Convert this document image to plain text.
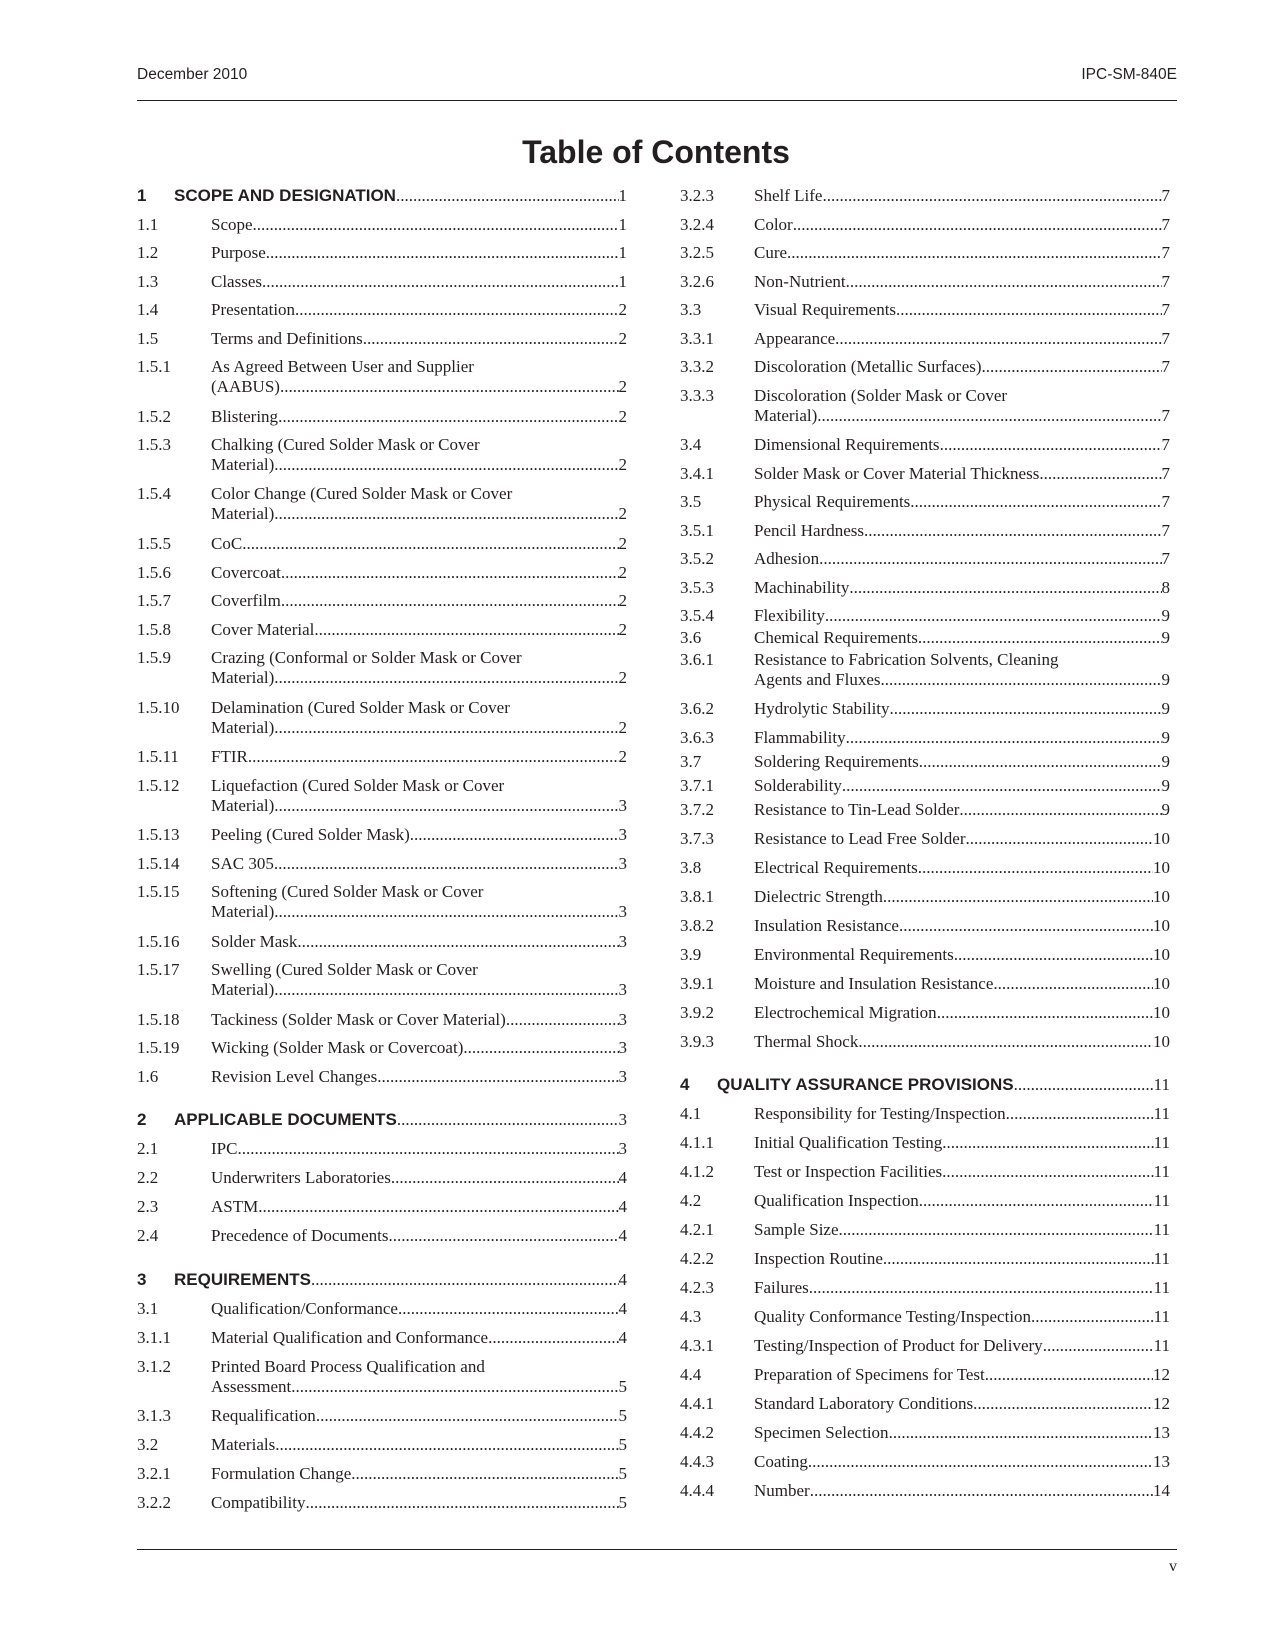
December 2010	IPC-SM-840E
Table of Contents
1 SCOPE AND DESIGNATION .....	1
1.1	Scope .....	1
1.2	Purpose .....	1
1.3	Classes .....	1
1.4	Presentation .....	2
1.5	Terms and Definitions .....	2
1.5.1 As Agreed Between User and Supplier
(AABUS) .....	2
1.5.2 Blistering .....	2
1.5.3 Chalking (Cured Solder Mask or Cover
Material) .....	2
1.5.4 Color Change (Cured Solder Mask or Cover
Material) .....	2
1.5.5 CoC .....	2
1.5.6 Covercoat .....	2
1.5.7 Coverfilm .....	2
1.5.8 Cover Material .....	2
1.5.9 Crazing (Conformal or Solder Mask or Cover
Material) .....	2
1.5.10 Delamination (Cured Solder Mask or Cover
Material) .....	2
1.5.11 FTIR .....	2
1.5.12 Liquefaction (Cured Solder Mask or Cover
Material) .....	3
1.5.13 Peeling (Cured Solder Mask) .....	3
1.5.14 SAC 305 .....	3
1.5.15 Softening (Cured Solder Mask or Cover
Material) .....	3
1.5.16 Solder Mask .....	3
1.5.17 Swelling (Cured Solder Mask or Cover
Material) .....	3
1.5.18 Tackiness (Solder Mask or Cover Material) .....	3
1.5.19 Wicking (Solder Mask or Covercoat) .....	3
1.6	Revision Level Changes .....	3
2 APPLICABLE DOCUMENTS .....	3
2.1	IPC .....	3
2.2	Underwriters Laboratories .....	4
2.3	ASTM .....	4
2.4	Precedence of Documents .....	4
3 REQUIREMENTS .....	4
3.1	Qualification/Conformance .....	4
3.1.1 Material Qualification and Conformance .....	4
3.1.2 Printed Board Process Qualification and
Assessment .....	5
3.1.3 Requalification .....	5
3.2	Materials .....	5
3.2.1 Formulation Change .....	5
3.2.2 Compatibility .....	5
3.2.3 Shelf Life .....	7
3.2.4 Color .....	7
3.2.5 Cure .....	7
3.2.6 Non-Nutrient .....	7
3.3	Visual Requirements .....	7
3.3.1 Appearance .....	7
3.3.2 Discoloration (Metallic Surfaces) .....	7
3.3.3 Discoloration (Solder Mask or Cover
Material) .....	7
3.4	Dimensional Requirements .....	7
3.4.1 Solder Mask or Cover Material Thickness .....	7
3.5	Physical Requirements .....	7
3.5.1 Pencil Hardness .....	7
3.5.2 Adhesion .....	7
3.5.3 Machinability .....	8
3.5.4 Flexibility .....	9
3.6	Chemical Requirements .....	9
3.6.1 Resistance to Fabrication Solvents, Cleaning
Agents and Fluxes .....	9
3.6.2 Hydrolytic Stability .....	9
3.6.3 Flammability .....	9
3.7	Soldering Requirements .....	9
3.7.1 Solderability .....	9
3.7.2 Resistance to Tin-Lead Solder .....	9
3.7.3 Resistance to Lead Free Solder .....	10
3.8	Electrical Requirements .....	10
3.8.1 Dielectric Strength .....	10
3.8.2 Insulation Resistance .....	10
3.9	Environmental Requirements .....	10
3.9.1 Moisture and Insulation Resistance .....	10
3.9.2 Electrochemical Migration .....	10
3.9.3 Thermal Shock .....	10
4 QUALITY ASSURANCE PROVISIONS .....	11
4.1	Responsibility for Testing/Inspection .....	11
4.1.1 Initial Qualification Testing .....	11
4.1.2 Test or Inspection Facilities .....	11
4.2	Qualification Inspection .....	11
4.2.1 Sample Size .....	11
4.2.2 Inspection Routine .....	11
4.2.3 Failures .....	11
4.3	Quality Conformance Testing/Inspection .....	11
4.3.1 Testing/Inspection of Product for Delivery .....	11
4.4	Preparation of Specimens for Test .....	12
4.4.1 Standard Laboratory Conditions .....	12
4.4.2 Specimen Selection .....	13
4.4.3 Coating .....	13
4.4.4 Number .....	14
v
